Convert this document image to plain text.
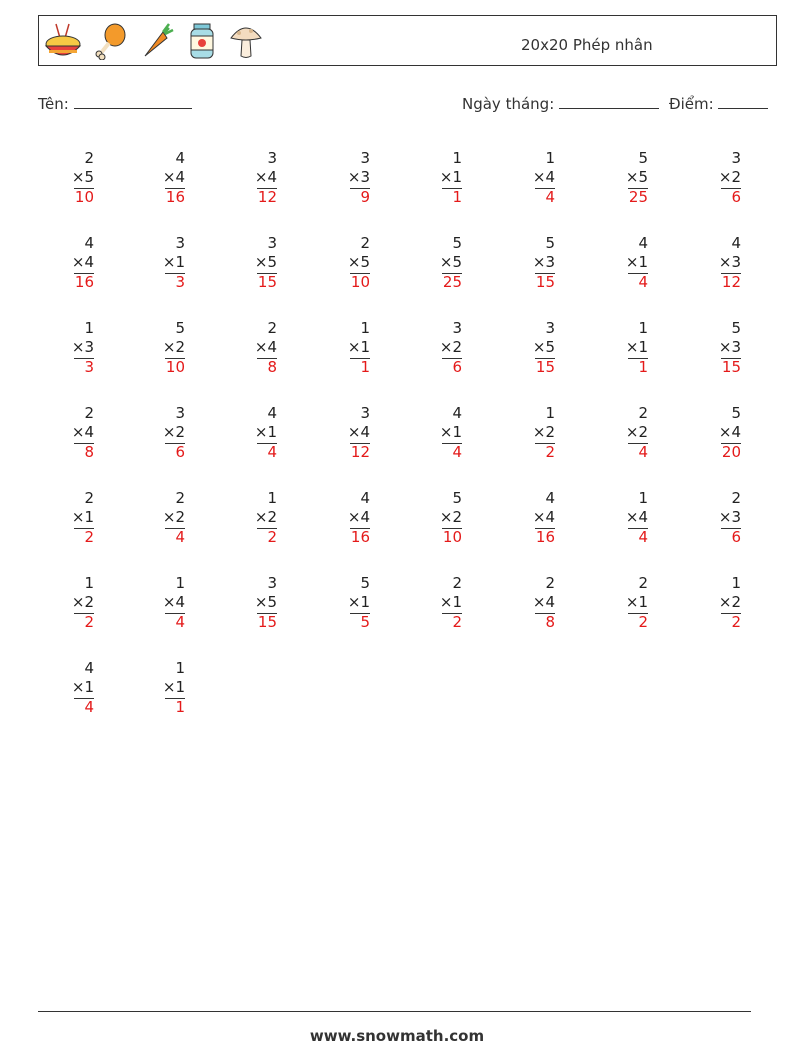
20x20 Phép nhân
Tên:	Ngày tháng:	Điểm:
2
×5
10
4
×4
16
3
×4
12
3
×3
9
1
×1
1
1
×4
4
5
×5
25
3
×2
6
4
×4
16
3
×1
3
3
×5
15
2
×5
10
5
×5
25
5
×3
15
4
×1
4
4
×3
12
1
×3
3
5
×2
10
2
×4
8
1
×1
1
3
×2
6
3
×5
15
1
×1
1
5
×3
15
2
×4
8
3
×2
6
4
×1
4
3
×4
12
4
×1
4
1
×2
2
2
×2
4
5
×4
20
2
×1
2
2
×2
4
1
×2
2
4
×4
16
5
×2
10
4
×4
16
1
×4
4
2
×3
6
1
×2
2
1
×4
4
3
×5
15
5
×1
5
2
×1
2
2
×4
8
2
×1
2
1
×2
2
4
×1
4
1
×1
1
www.snowmath.com
